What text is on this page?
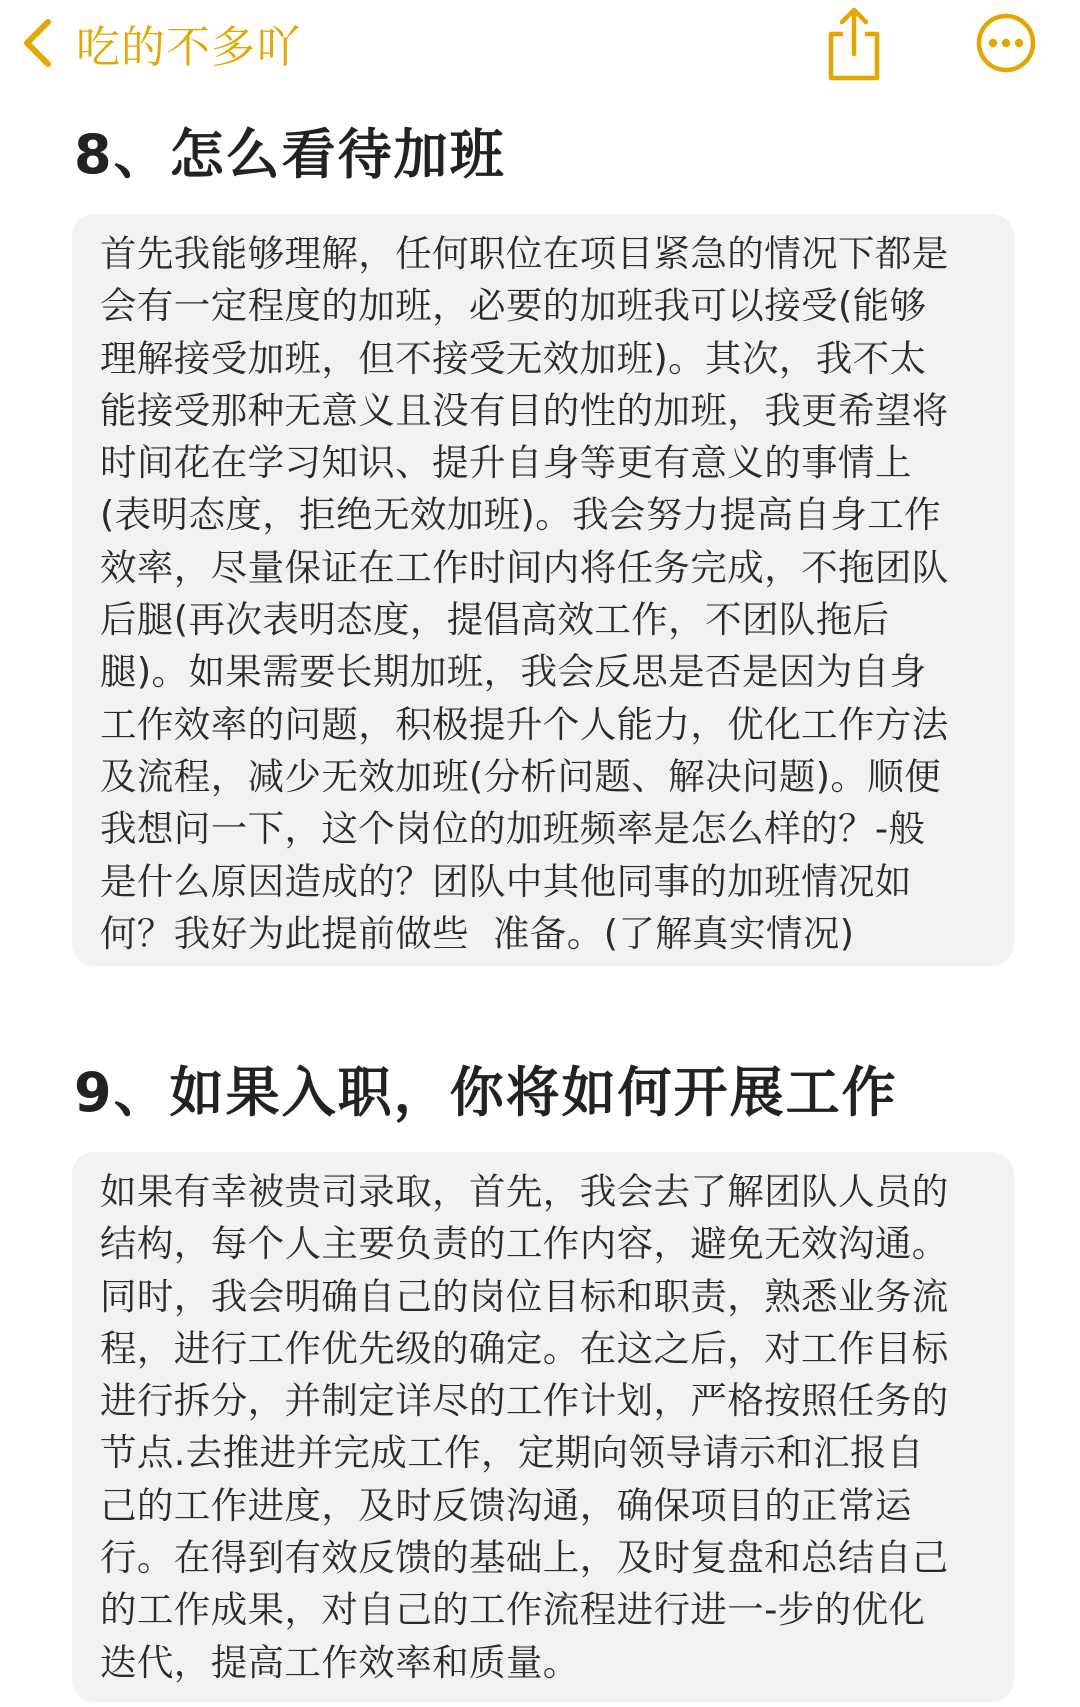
吃的不多吖
8、怎么看待加班

首先我能够理解，任何职位在项目紧急的情况下都是
会有一定程度的加班，必要的加班我可以接受(能够
理解接受加班，但不接受无效加班)。其次，我不太
能接受那种无意义且没有目的性的加班，我更希望将
时间花在学习知识、提升自身等更有意义的事情上
(表明态度，拒绝无效加班)。我会努力提高自身工作
效率，尽量保证在工作时间内将任务完成，不拖团队
后腿(再次表明态度，提倡高效工作，不团队拖后
腿)。如果需要长期加班，我会反思是否是因为自身
工作效率的问题，积极提升个人能力，优化工作方法
及流程，减少无效加班(分析问题、解决问题)。顺便
我想问一下，这个岗位的加班频率是怎么样的？-般
是什么原因造成的？团队中其他同事的加班情况如
何？我好为此提前做些  准备。(了解真实情况)

9、如果入职，你将如何开展工作

如果有幸被贵司录取，首先，我会去了解团队人员的
结构，每个人主要负责的工作内容，避免无效沟通。
同时，我会明确自己的岗位目标和职责，熟悉业务流
程，进行工作优先级的确定。在这之后，对工作目标
进行拆分，并制定详尽的工作计划，严格按照任务的
节点.去推进并完成工作，定期向领导请示和汇报自
己的工作进度，及时反馈沟通，确保项目的正常运
行。在得到有效反馈的基础上，及时复盘和总结自己
的工作成果，对自己的工作流程进行进一-步的优化
迭代，提高工作效率和质量。
